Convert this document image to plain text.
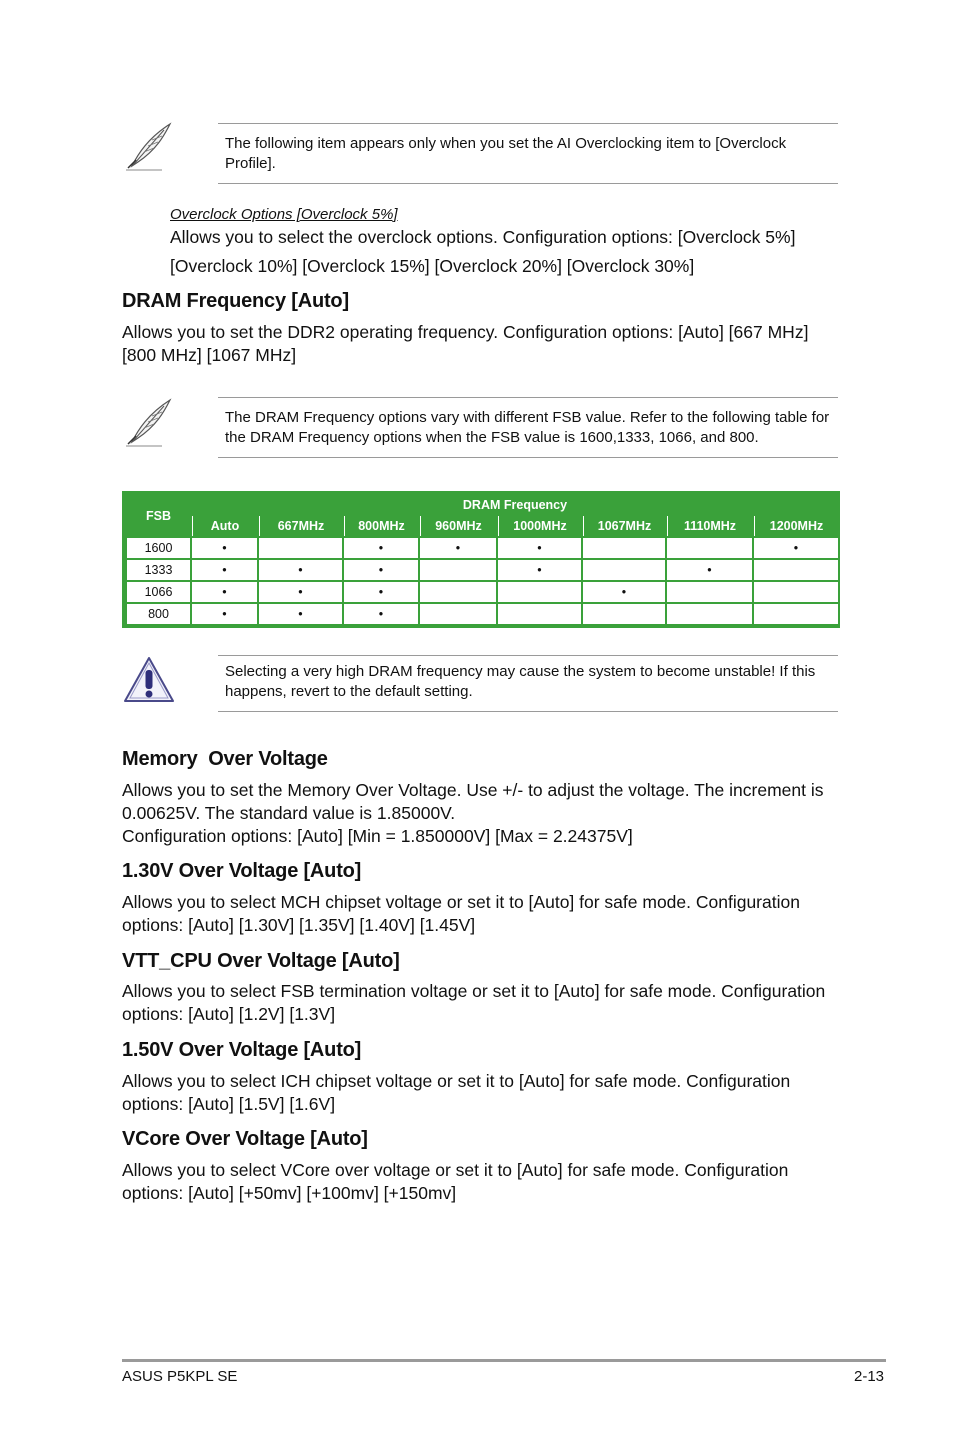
The following item appears only when you set the AI Overclocking item to [Overclock Profile].
Overclock Options [Overclock 5%]
Allows you to select the overclock options. Configuration options: [Overclock 5%] [Overclock 10%] [Overclock 15%] [Overclock 20%] [Overclock 30%]
DRAM Frequency [Auto]
Allows you to set the DDR2 operating frequency. Configuration options: [Auto] [667 MHz] [800 MHz] [1067 MHz]
The DRAM Frequency options vary with different FSB value. Refer to the following table for the DRAM Frequency options when the FSB value is 1600,1333, 1066, and 800.
FSB	DRAM Frequency							
	Auto	667MHz	800MHz	960MHz	1000MHz	1067MHz	1110MHz	1200MHz
1600	•		•	•	•			•
1333	•	•	•		•		•	
1066	•	•	•			•		
800	•	•	•					
Selecting a very high DRAM frequency may cause the system to become unstable! If this happens, revert to the default setting.
Memory  Over Voltage
Allows you to set the Memory Over Voltage. Use +/- to adjust the voltage. The increment is 0.00625V. The standard value is 1.85000V.
Configuration options: [Auto] [Min = 1.850000V] [Max = 2.24375V]
1.30V Over Voltage [Auto]
Allows you to select MCH chipset voltage or set it to [Auto] for safe mode. Configuration options: [Auto] [1.30V] [1.35V] [1.40V] [1.45V]
VTT_CPU Over Voltage [Auto]
Allows you to select FSB termination voltage or set it to [Auto] for safe mode. Configuration options: [Auto] [1.2V] [1.3V]
1.50V Over Voltage [Auto]
Allows you to select ICH chipset voltage or set it to [Auto] for safe mode. Configuration options: [Auto] [1.5V] [1.6V]
VCore Over Voltage [Auto]
Allows you to select VCore over voltage or set it to [Auto] for safe mode. Configuration options: [Auto] [+50mv] [+100mv] [+150mv]
ASUS P5KPL SE	2-13
